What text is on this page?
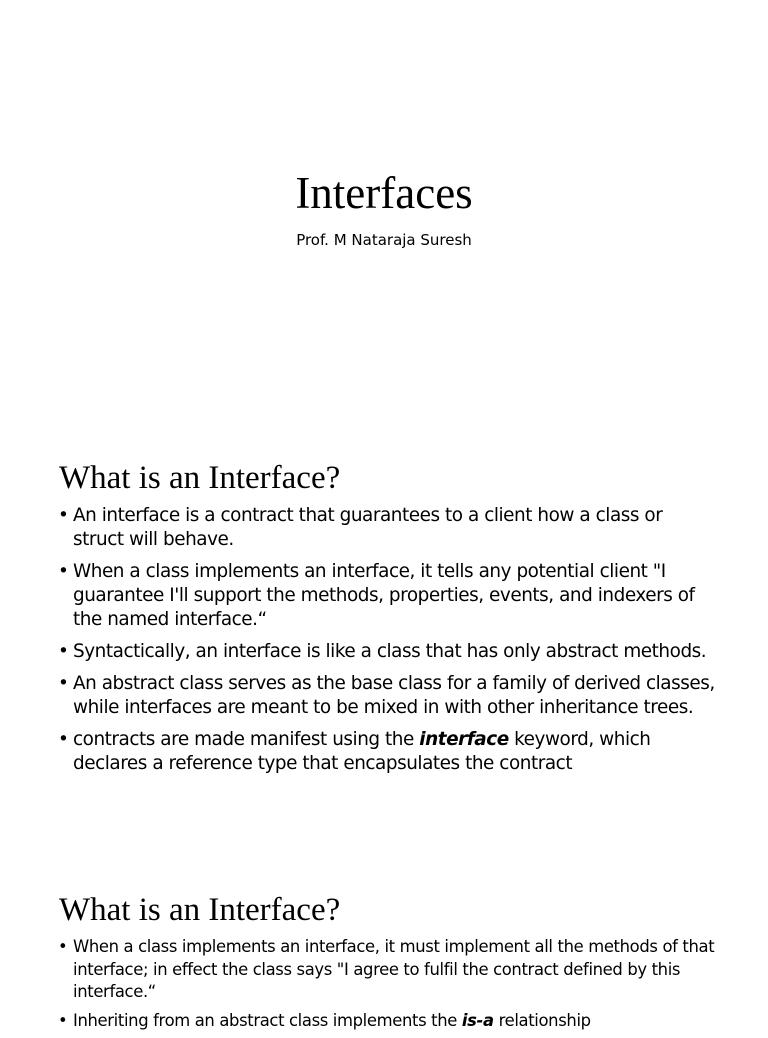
Interfaces
Prof. M Nataraja Suresh
What is an Interface?
• An interface is a contract that guarantees to a client how a class or struct will behave.
• When a class implements an interface, it tells any potential client "I guarantee I'll support the methods, properties, events, and indexers of the named interface.“
• Syntactically, an interface is like a class that has only abstract methods.
• An abstract class serves as the base class for a family of derived classes, while interfaces are meant to be mixed in with other inheritance trees.
• contracts are made manifest using the interface keyword, which declares a reference type that encapsulates the contract
What is an Interface?
• When a class implements an interface, it must implement all the methods of that interface; in effect the class says "I agree to fulfil the contract defined by this interface.“
• Inheriting from an abstract class implements the is-a relationship
